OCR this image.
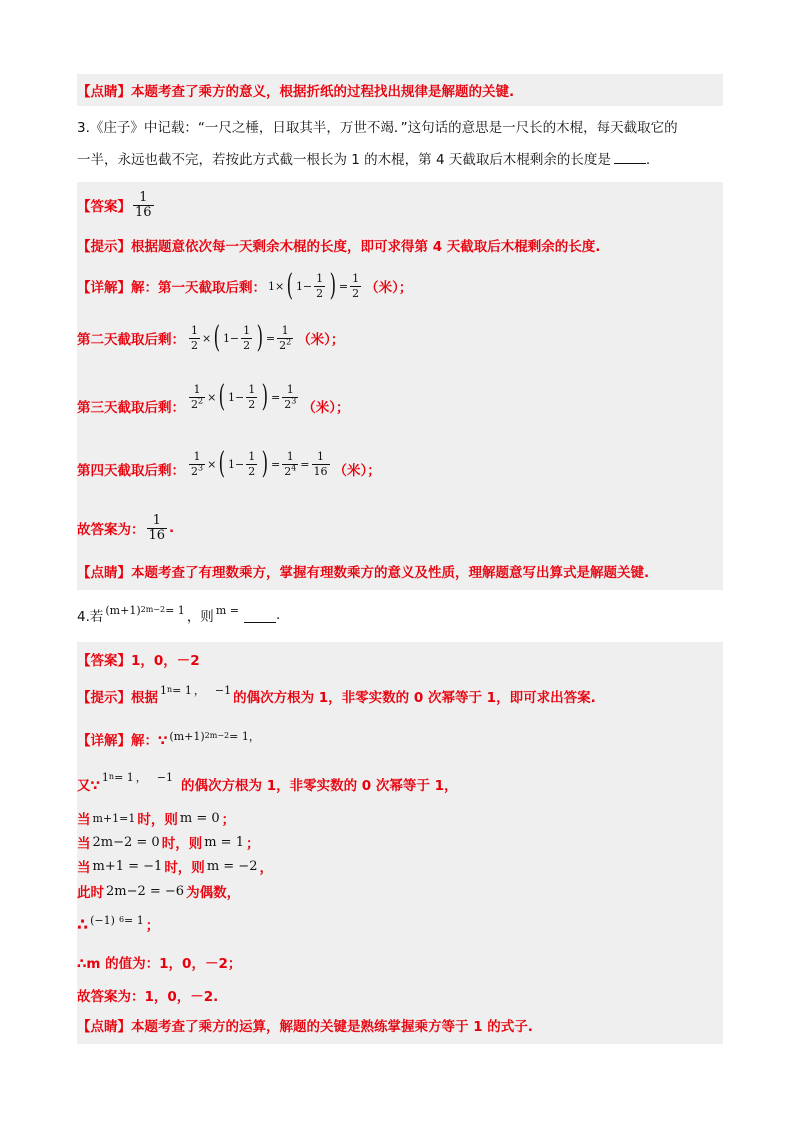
【点睛】本题考查了乘方的意义，根据折纸的过程找出规律是解题的关键.
3.《庄子》中记载：“一尺之棰，日取其半，万世不竭．”这句话的意思是一尺长的木棍，每天截取它的
一半，永远也截不完，若按此方式截一根长为 1 的木棍，第 4 天截取后木棍剩余的长度是	.
【答案】 $\frac{1}{16}$
【提示】根据题意依次每一天剩余木棍的长度，即可求得第 4 天截取后木棍剩余的长度.
【详解】解：第一天截取后剩： 1× ( $1- \frac{1}{2}$ ) = $\frac{1}{2}$ （米）；
第二天截取后剩： $\frac{1}{2}$ × ( $1- \frac{1}{2}$ ) = $\frac{1}{2^2}$ （米）；
第三天截取后剩： $\frac{1}{2^2}$ × ( $1- \frac{1}{2}$ ) = $\frac{1}{2^3}$ （米）；
第四天截取后剩： $\frac{1}{2^3}$ × ( $1- \frac{1}{2}$ ) = $\frac{1}{2^4} = \frac{1}{16}$ （米）；
故答案为： $\frac{1}{16}$ .
【点睛】本题考查了有理数乘方，掌握有理数乘方的意义及性质，理解题意写出算式是解题关键.
4.若 (m+1) 2m−2 = 1 ，则 m =	.
【答案】1，0，－2
【提示】根据 1 n = 1 ， −1 的偶次方根为 1，非零实数的 0 次幂等于 1，即可求出答案.
【详解】解：∵ (m+1) 2m−2 = 1，
又∵
1 n = 1 ， −1
的偶次方根为 1，非零实数的 0 次幂等于 1，
当 m+1=1 时，则 m = 0 ；
当 2m−2 = 0 时，则 m = 1 ；
当 m+1 = −1 时，则 m = −2 ，
此时 2m−2 = −6 为偶数，
∴ (−1) 6 = 1 ；
∴m 的值为：1，0，－2；
故答案为：1，0，－2.
【点睛】本题考查了乘方的运算，解题的关键是熟练掌握乘方等于 1 的式子.
